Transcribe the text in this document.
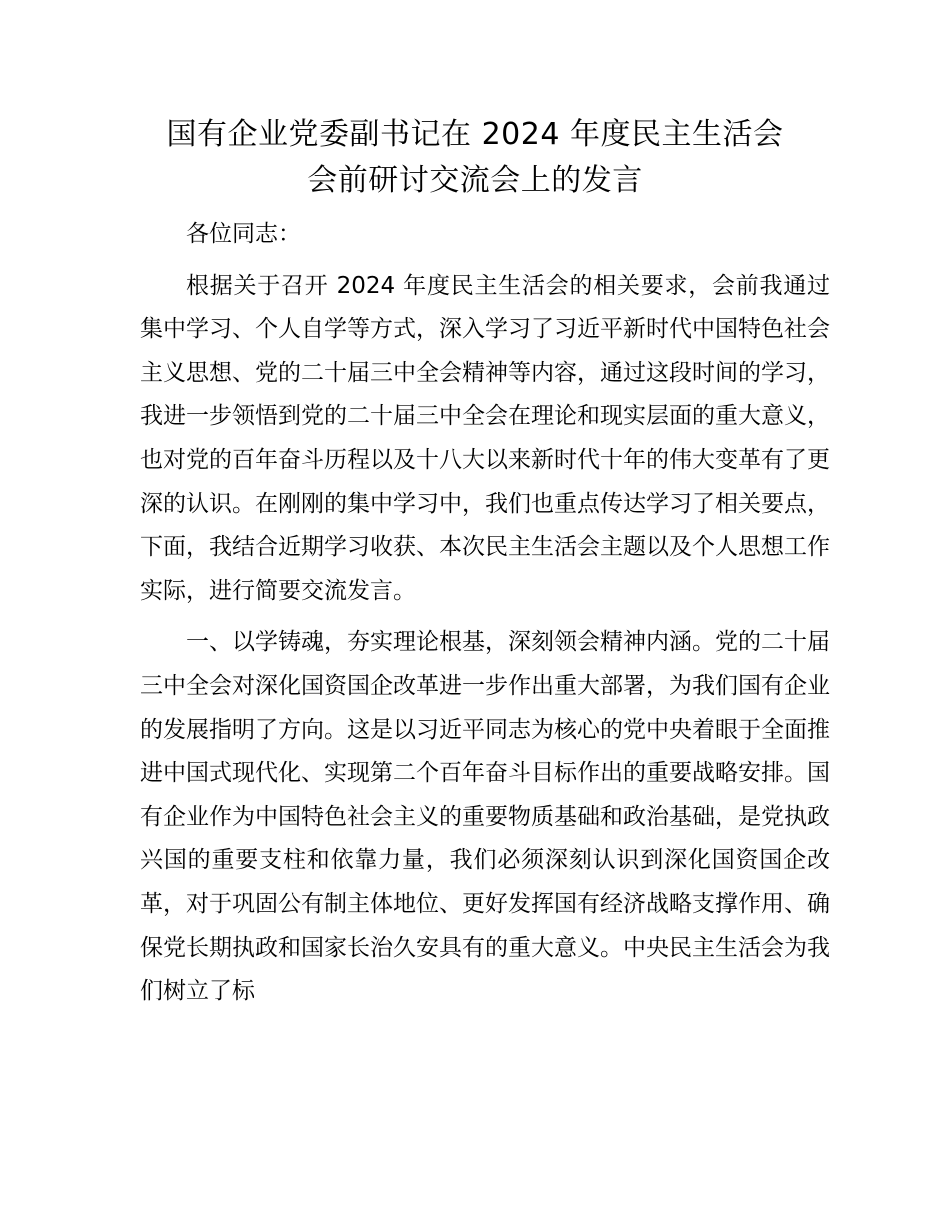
国有企业党委副书记在 2024 年度民主生活会
会前研讨交流会上的发言

各位同志：

根据关于召开 2024 年度民主生活会的相关要求，会前我通过集中学习、个人自学等方式，深入学习了习近平新时代中国特色社会主义思想、党的二十届三中全会精神等内容，通过这段时间的学习，我进一步领悟到党的二十届三中全会在理论和现实层面的重大意义，也对党的百年奋斗历程以及十八大以来新时代十年的伟大变革有了更深的认识。在刚刚的集中学习中，我们也重点传达学习了相关要点，下面，我结合近期学习收获、本次民主生活会主题以及个人思想工作实际，进行简要交流发言。

一、以学铸魂，夯实理论根基，深刻领会精神内涵。党的二十届三中全会对深化国资国企改革进一步作出重大部署，为我们国有企业的发展指明了方向。这是以习近平同志为核心的党中央着眼于全面推进中国式现代化、实现第二个百年奋斗目标作出的重要战略安排。国有企业作为中国特色社会主义的重要物质基础和政治基础，是党执政兴国的重要支柱和依靠力量，我们必须深刻认识到深化国资国企改革，对于巩固公有制主体地位、更好发挥国有经济战略支撑作用、确保党长期执政和国家长治久安具有的重大意义。中央民主生活会为我们树立了标
